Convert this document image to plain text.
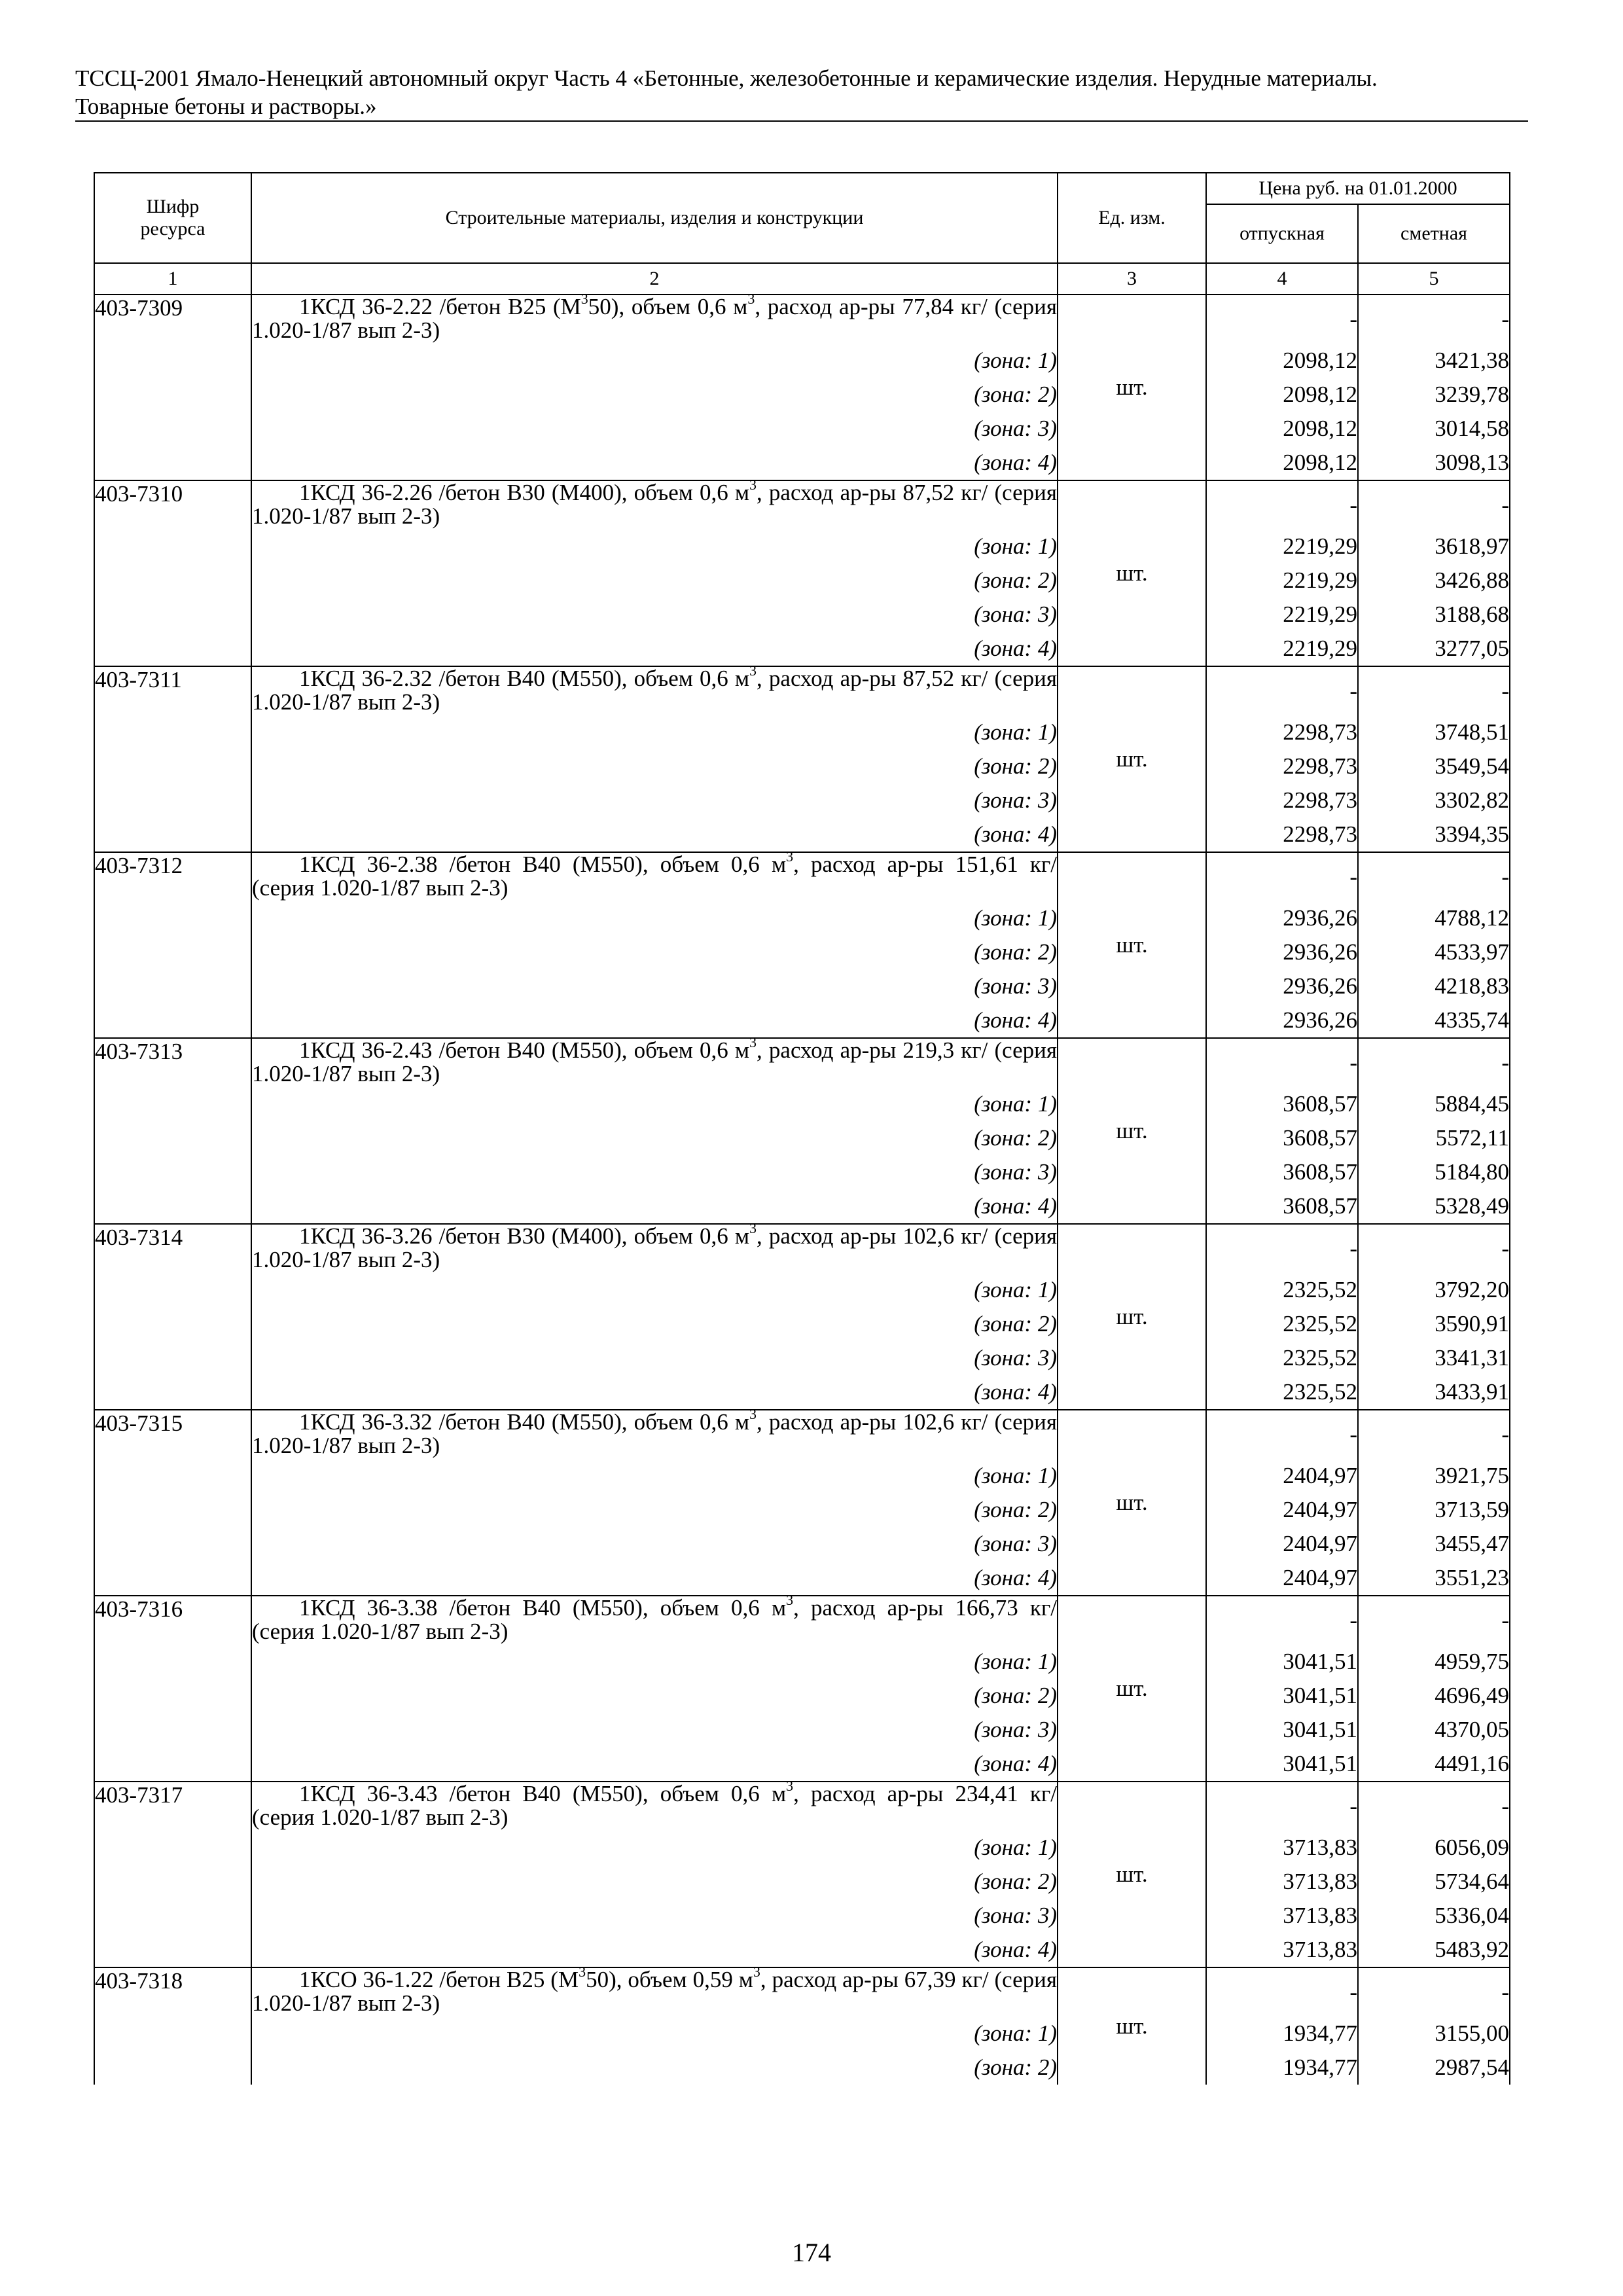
ТССЦ-2001 Ямало-Ненецкий автономный округ Часть 4 «Бетонные, железобетонные и керамические изделия. Нерудные материалы.
Товарные бетоны и растворы.»
Шифр ресурса	Строительные материалы, изделия и конструкции	Ед. изм.	Цена руб. на 01.01.2000	
			отпускная	сметная
1	2	3	4	5
403-7309	1КСД 36-2.22 /бетон В25 $(М^350)$, объем 0,6 $м^3$, расход ар-ры 77,84 кг/ (серия 1.020-1/87 вып 2-3)	шт.	-	-
	(зона: 1)		2098,12	3421,38
	(зона: 2)		2098,12	3239,78
	(зона: 3)		2098,12	3014,58
	(зона: 4)		2098,12	3098,13
403-7310	1КСД 36-2.26 /бетон В30 (М400), объем 0,6 $м^3$, расход ар-ры 87,52 кг/ (серия 1.020-1/87 вып 2-3)	шт.	-	-
	(зона: 1)		2219,29	3618,97
	(зона: 2)		2219,29	3426,88
	(зона: 3)		2219,29	3188,68
	(зона: 4)		2219,29	3277,05
403-7311	1КСД 36-2.32 /бетон В40 (М550), объем 0,6 $м^3$, расход ар-ры 87,52 кг/ (серия 1.020-1/87 вып 2-3)	шт.	-	-
	(зона: 1)		2298,73	3748,51
	(зона: 2)		2298,73	3549,54
	(зона: 3)		2298,73	3302,82
	(зона: 4)		2298,73	3394,35
403-7312	1КСД 36-2.38 /бетон В40 (М550), объем 0,6 $м^3$, расход ар-ры 151,61 кг/ (серия 1.020-1/87 вып 2-3)	шт.	-	-
	(зона: 1)		2936,26	4788,12
	(зона: 2)		2936,26	4533,97
	(зона: 3)		2936,26	4218,83
	(зона: 4)		2936,26	4335,74
403-7313	1КСД 36-2.43 /бетон В40 (М550), объем 0,6 $м^3$, расход ар-ры 219,3 кг/ (серия 1.020-1/87 вып 2-3)	шт.	-	-
	(зона: 1)		3608,57	5884,45
	(зона: 2)		3608,57	5572,11
	(зона: 3)		3608,57	5184,80
	(зона: 4)		3608,57	5328,49
403-7314	1КСД 36-3.26 /бетон В30 (М400), объем 0,6 $м^3$, расход ар-ры 102,6 кг/ (серия 1.020-1/87 вып 2-3)	шт.	-	-
	(зона: 1)		2325,52	3792,20
	(зона: 2)		2325,52	3590,91
	(зона: 3)		2325,52	3341,31
	(зона: 4)		2325,52	3433,91
403-7315	1КСД 36-3.32 /бетон В40 (М550), объем 0,6 $м^3$, расход ар-ры 102,6 кг/ (серия 1.020-1/87 вып 2-3)	шт.	-	-
	(зона: 1)		2404,97	3921,75
	(зона: 2)		2404,97	3713,59
	(зона: 3)		2404,97	3455,47
	(зона: 4)		2404,97	3551,23
403-7316	1КСД 36-3.38 /бетон В40 (М550), объем 0,6 $м^3$, расход ар-ры 166,73 кг/ (серия 1.020-1/87 вып 2-3)	шт.	-	-
	(зона: 1)		3041,51	4959,75
	(зона: 2)		3041,51	4696,49
	(зона: 3)		3041,51	4370,05
	(зона: 4)		3041,51	4491,16
403-7317	1КСД 36-3.43 /бетон В40 (М550), объем 0,6 $м^3$, расход ар-ры 234,41 кг/ (серия 1.020-1/87 вып 2-3)	шт.	-	-
	(зона: 1)		3713,83	6056,09
	(зона: 2)		3713,83	5734,64
	(зона: 3)		3713,83	5336,04
	(зона: 4)		3713,83	5483,92
403-7318	1КСО 36-1.22 /бетон В25 $(М^350)$, объем 0,59 $м^3$, расход ар-ры 67,39 кг/ (серия 1.020-1/87 вып 2-3)	шт.	-	-
	(зона: 1)		1934,77	3155,00
	(зона: 2)		1934,77	2987,54
174
